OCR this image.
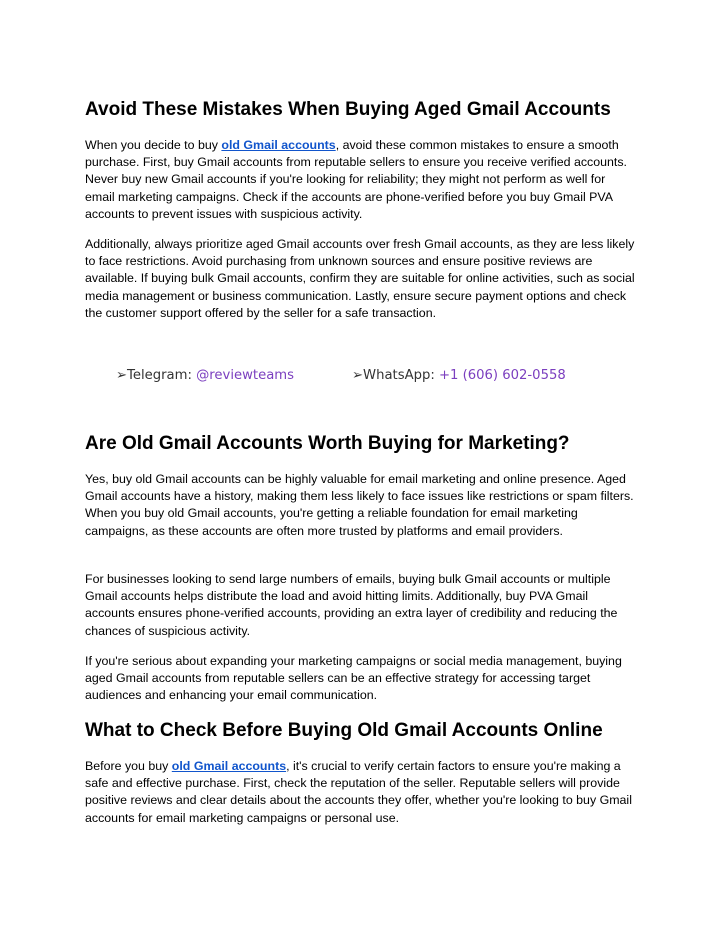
Avoid These Mistakes When Buying Aged Gmail Accounts

When you decide to buy old Gmail accounts, avoid these common mistakes to ensure a smooth purchase. First, buy Gmail accounts from reputable sellers to ensure you receive verified accounts. Never buy new Gmail accounts if you're looking for reliability; they might not perform as well for email marketing campaigns. Check if the accounts are phone-verified before you buy Gmail PVA accounts to prevent issues with suspicious activity.

Additionally, always prioritize aged Gmail accounts over fresh Gmail accounts, as they are less likely to face restrictions. Avoid purchasing from unknown sources and ensure positive reviews are available. If buying bulk Gmail accounts, confirm they are suitable for online activities, such as social media management or business communication. Lastly, ensure secure payment options and check the customer support offered by the seller for a safe transaction.

Are Old Gmail Accounts Worth Buying for Marketing?

Yes, buy old Gmail accounts can be highly valuable for email marketing and online presence. Aged Gmail accounts have a history, making them less likely to face issues like restrictions or spam filters. When you buy old Gmail accounts, you're getting a reliable foundation for email marketing campaigns, as these accounts are often more trusted by platforms and email providers.

For businesses looking to send large numbers of emails, buying bulk Gmail accounts or multiple Gmail accounts helps distribute the load and avoid hitting limits. Additionally, buy PVA Gmail accounts ensures phone-verified accounts, providing an extra layer of credibility and reducing the chances of suspicious activity.

If you're serious about expanding your marketing campaigns or social media management, buying aged Gmail accounts from reputable sellers can be an effective strategy for accessing target audiences and enhancing your email communication.

What to Check Before Buying Old Gmail Accounts Online

Before you buy old Gmail accounts, it's crucial to verify certain factors to ensure you're making a safe and effective purchase. First, check the reputation of the seller. Reputable sellers will provide positive reviews and clear details about the accounts they offer, whether you're looking to buy Gmail accounts for email marketing campaigns or personal use.

➢Telegram: @reviewteams	➢WhatsApp: +1 (606) 602-0558
